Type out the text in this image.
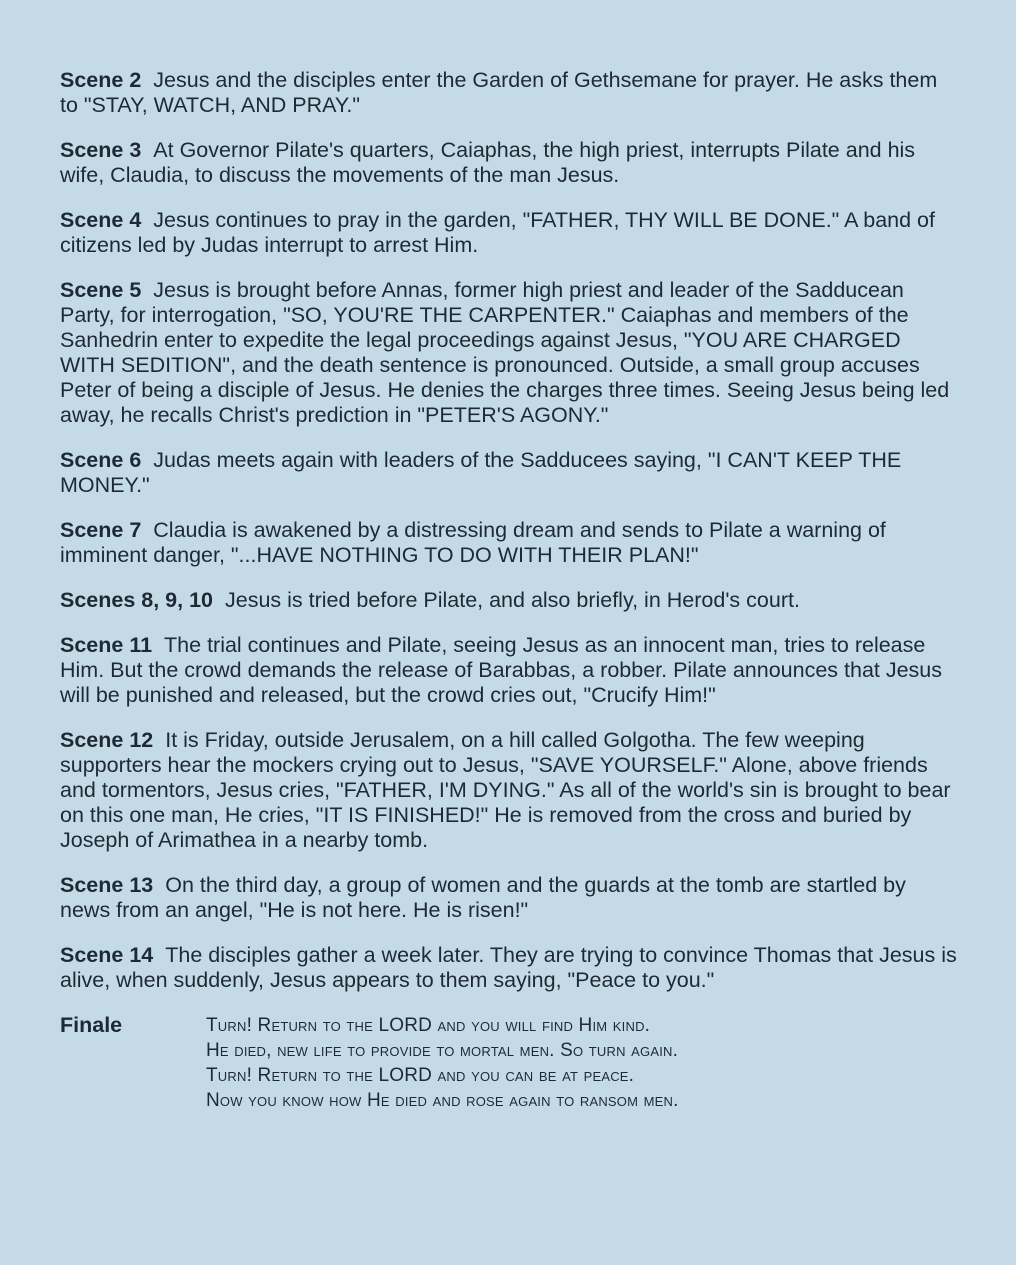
Scene 2 Jesus and the disciples enter the Garden of Gethsemane for prayer. He asks them to "STAY, WATCH, AND PRAY."

Scene 3 At Governor Pilate's quarters, Caiaphas, the high priest, interrupts Pilate and his wife, Claudia, to discuss the movements of the man Jesus.

Scene 4 Jesus continues to pray in the garden, "FATHER, THY WILL BE DONE." A band of citizens led by Judas interrupt to arrest Him.

Scene 5 Jesus is brought before Annas, former high priest and leader of the Sadducean Party, for interrogation, "SO, YOU'RE THE CARPENTER." Caiaphas and members of the Sanhedrin enter to expedite the legal proceedings against Jesus, "YOU ARE CHARGED WITH SEDITION", and the death sentence is pronounced. Outside, a small group accuses Peter of being a disciple of Jesus. He denies the charges three times. Seeing Jesus being led away, he recalls Christ's prediction in "PETER'S AGONY."

Scene 6 Judas meets again with leaders of the Sadducees saying, "I CAN'T KEEP THE MONEY."

Scene 7 Claudia is awakened by a distressing dream and sends to Pilate a warning of imminent danger, "...HAVE NOTHING TO DO WITH THEIR PLAN!"

Scenes 8, 9, 10 Jesus is tried before Pilate, and also briefly, in Herod's court.

Scene 11 The trial continues and Pilate, seeing Jesus as an innocent man, tries to release Him. But the crowd demands the release of Barabbas, a robber. Pilate announces that Jesus will be punished and released, but the crowd cries out, "Crucify Him!"

Scene 12 It is Friday, outside Jerusalem, on a hill called Golgotha. The few weeping supporters hear the mockers crying out to Jesus, "SAVE YOURSELF." Alone, above friends and tormentors, Jesus cries, "FATHER, I'M DYING." As all of the world's sin is brought to bear on this one man, He cries, "IT IS FINISHED!" He is removed from the cross and buried by Joseph of Arimathea in a nearby tomb.

Scene 13 On the third day, a group of women and the guards at the tomb are startled by news from an angel, "He is not here. He is risen!"

Scene 14 The disciples gather a week later. They are trying to convince Thomas that Jesus is alive, when suddenly, Jesus appears to them saying, "Peace to you."

Finale	Turn! Return to the LORD and you will find Him kind.
He died, new life to provide to mortal men. So turn again.
Turn! Return to the LORD and you can be at peace.
Now you know how He died and rose again to ransom men.
